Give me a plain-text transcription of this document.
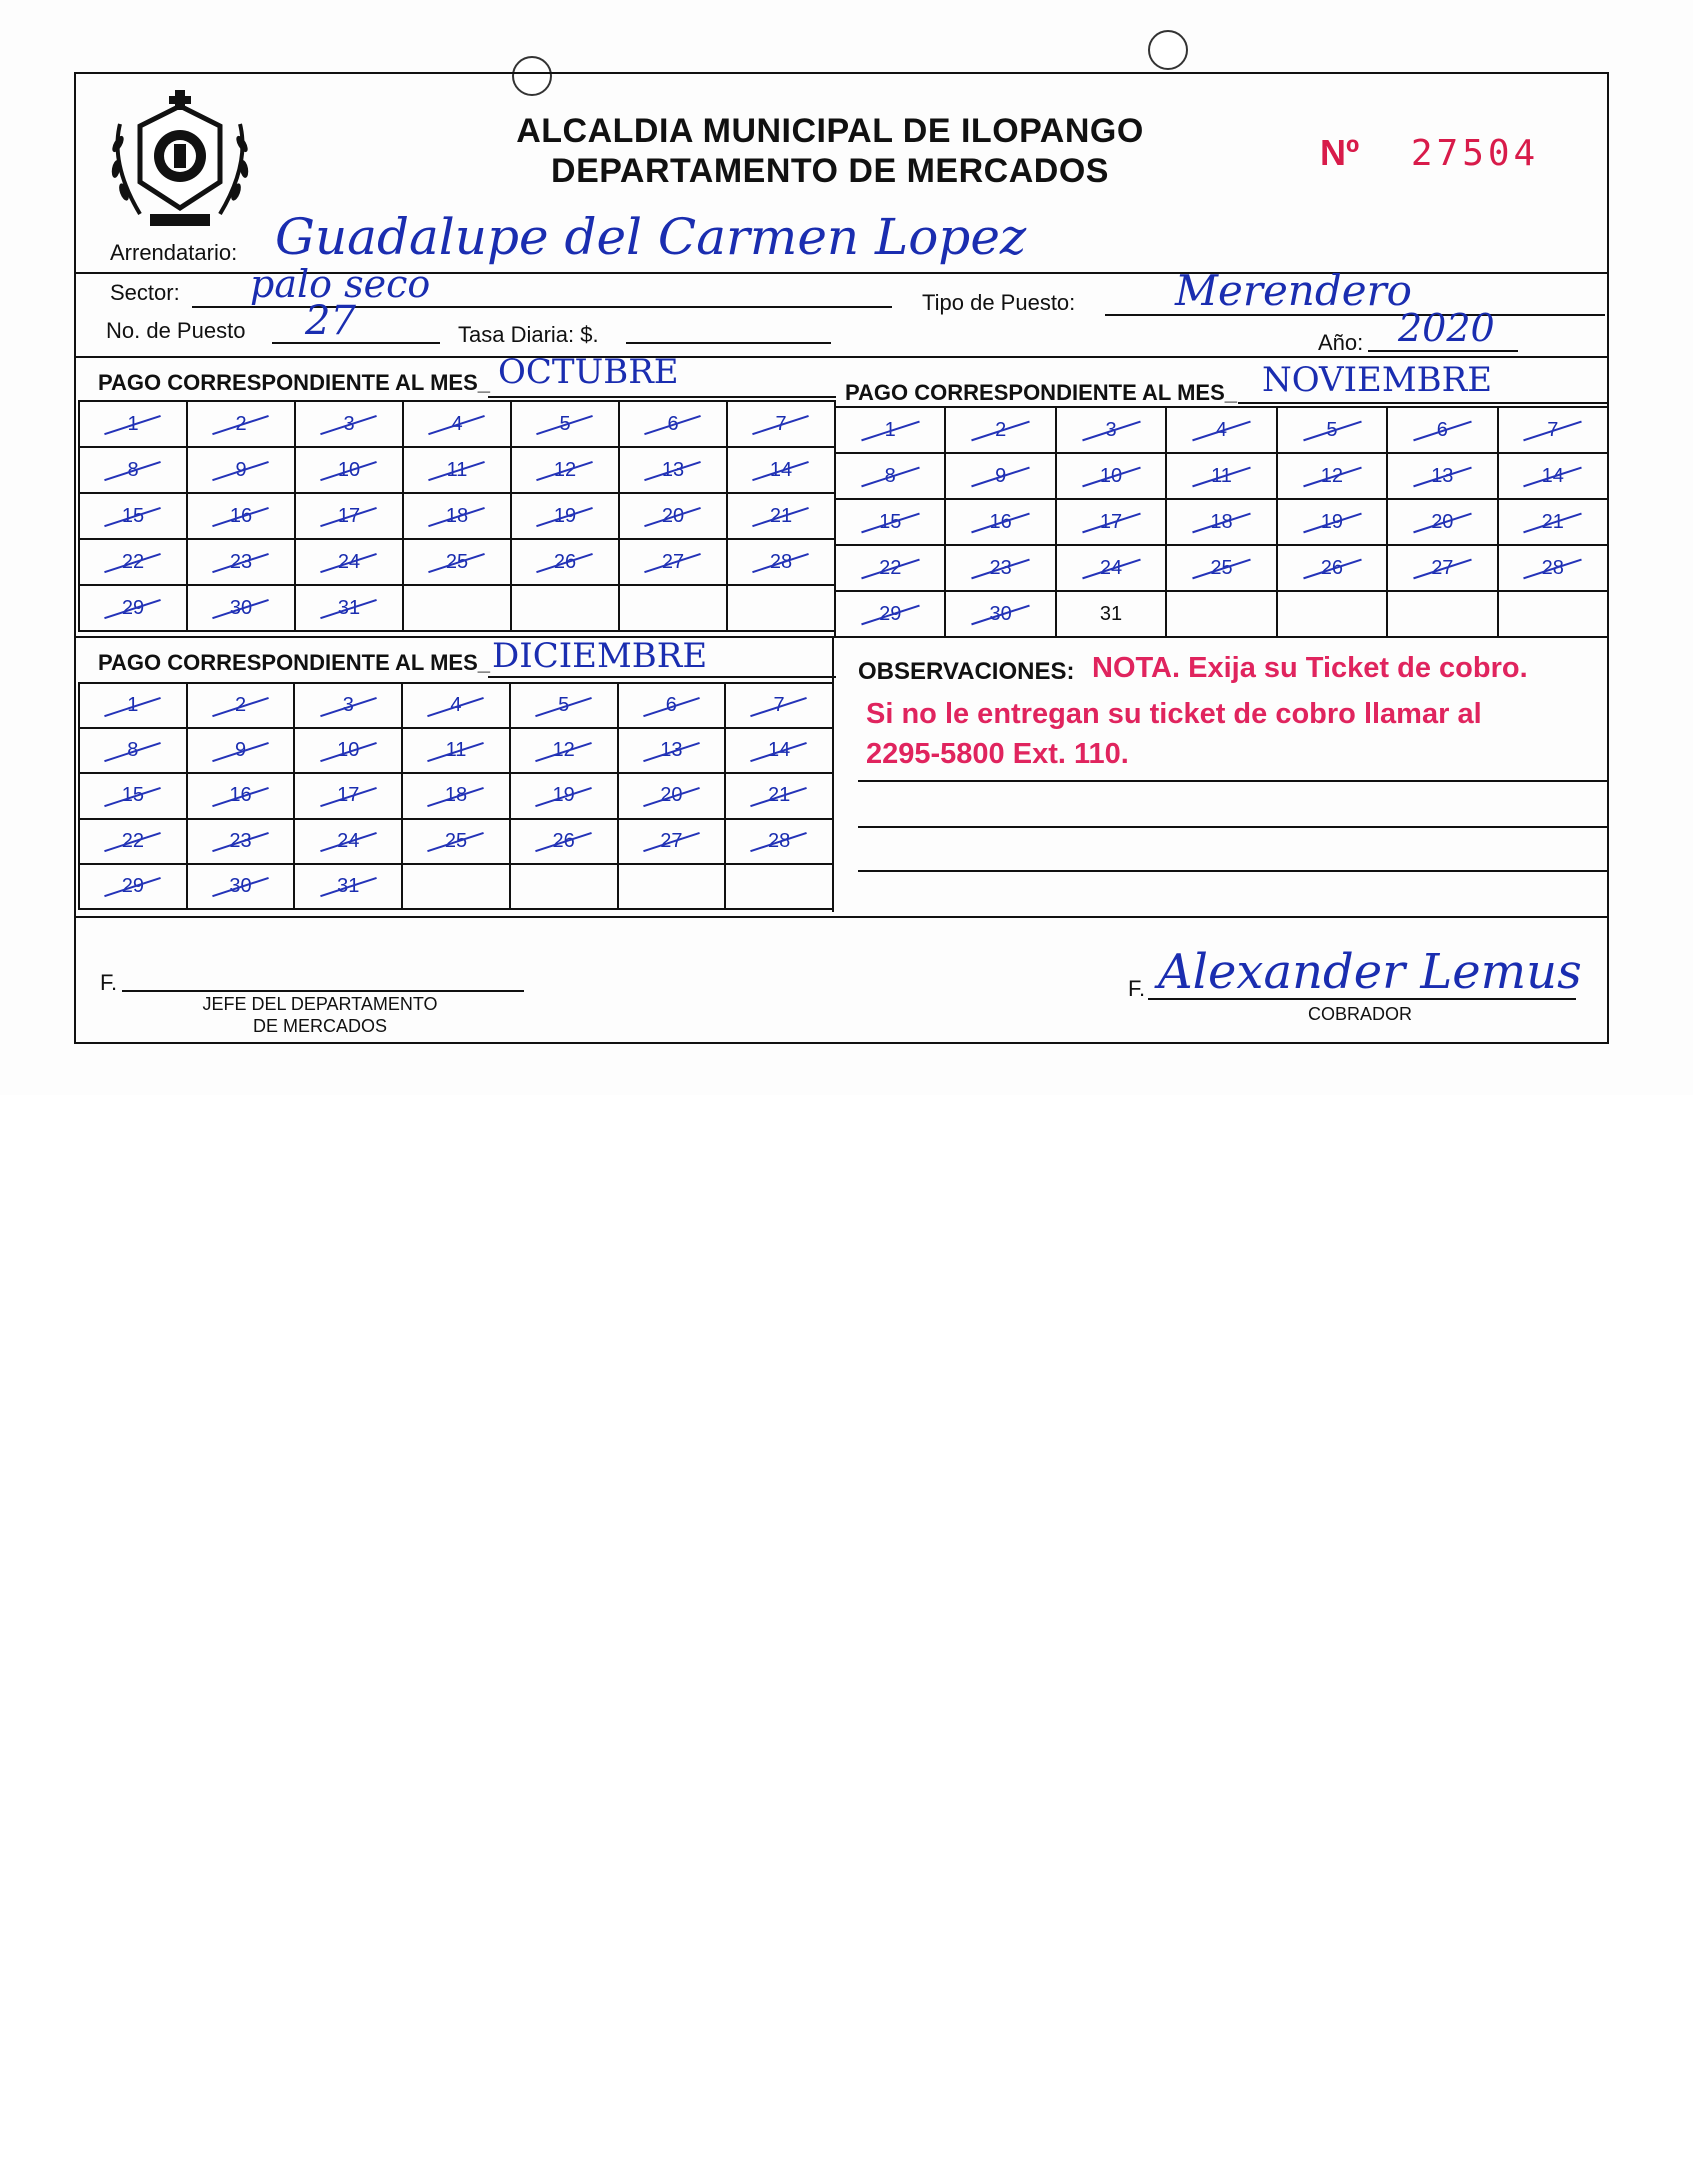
ALCALDIA MUNICIPAL DE ILOPANGO
DEPARTAMENTO DE MERCADOS	Nº 27504
Arrendatario: Guadalupe del Carmen Lopez
Sector: palo seco	Tipo de Puesto: Merendero
No. de Puesto 27	Tasa Diaria: $.	Año: 2020
PAGO CORRESPONDIENTE AL MES_ OCTUBRE
PAGO CORRESPONDIENTE AL MES_ NOVIEMBRE
1	2	3	4	5	6	7
8	9	10	11	12	13	14
15	16	17	18	19	20	21
22	23	24	25	26	27	28
29	30	31				
1	2	3	4	5	6	7
8	9	10	11	12	13	14
15	16	17	18	19	20	21
22	23	24	25	26	27	28
29	30	31				
PAGO CORRESPONDIENTE AL MES_ DICIEMBRE
1	2	3	4	5	6	7
8	9	10	11	12	13	14
15	16	17	18	19	20	21
22	23	24	25	26	27	28
29	30	31				
OBSERVACIONES: NOTA. Exija su Ticket de cobro.
Si no le entregan su ticket de cobro llamar al
2295-5800 Ext. 110.
F.
JEFE DEL DEPARTAMENTO
DE MERCADOS
F. Alexander Lemus
COBRADOR
